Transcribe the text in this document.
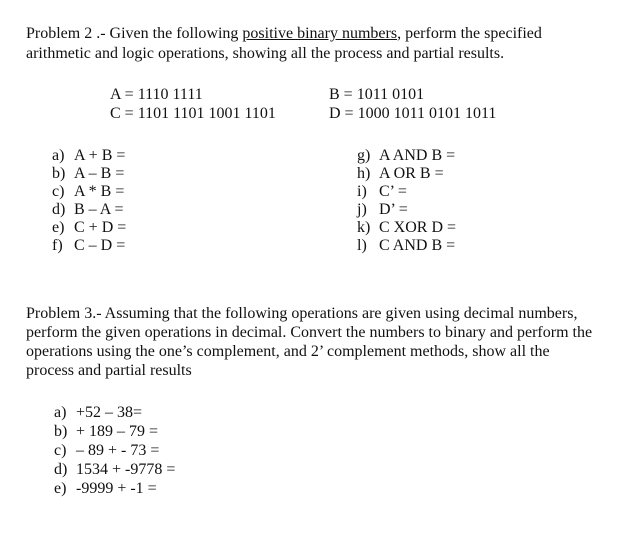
Problem 2 .- Given the following positive binary numbers, perform the specified
arithmetic and logic operations, showing all the process and partial results.
A = 1110 1111	B = 1011 0101
C = 1101 1101 1001 1101	D = 1000 1011 0101 1011
a) A + B =
b) A – B =
c) A * B =
d) B – A =
e) C + D =
f) C – D =
g) A AND B =
h) A OR B =
i) C’ =
j) D’ =
k) C XOR D =
l) C AND B =
Problem 3.- Assuming that the following operations are given using decimal numbers,
perform the given operations in decimal. Convert the numbers to binary and perform the
operations using the one’s complement, and 2’ complement methods, show all the
process and partial results
a) +52 – 38=
b) + 189 – 79 =
c) – 89 + - 73 =
d) 1534 + -9778 =
e) -9999 + -1 =
